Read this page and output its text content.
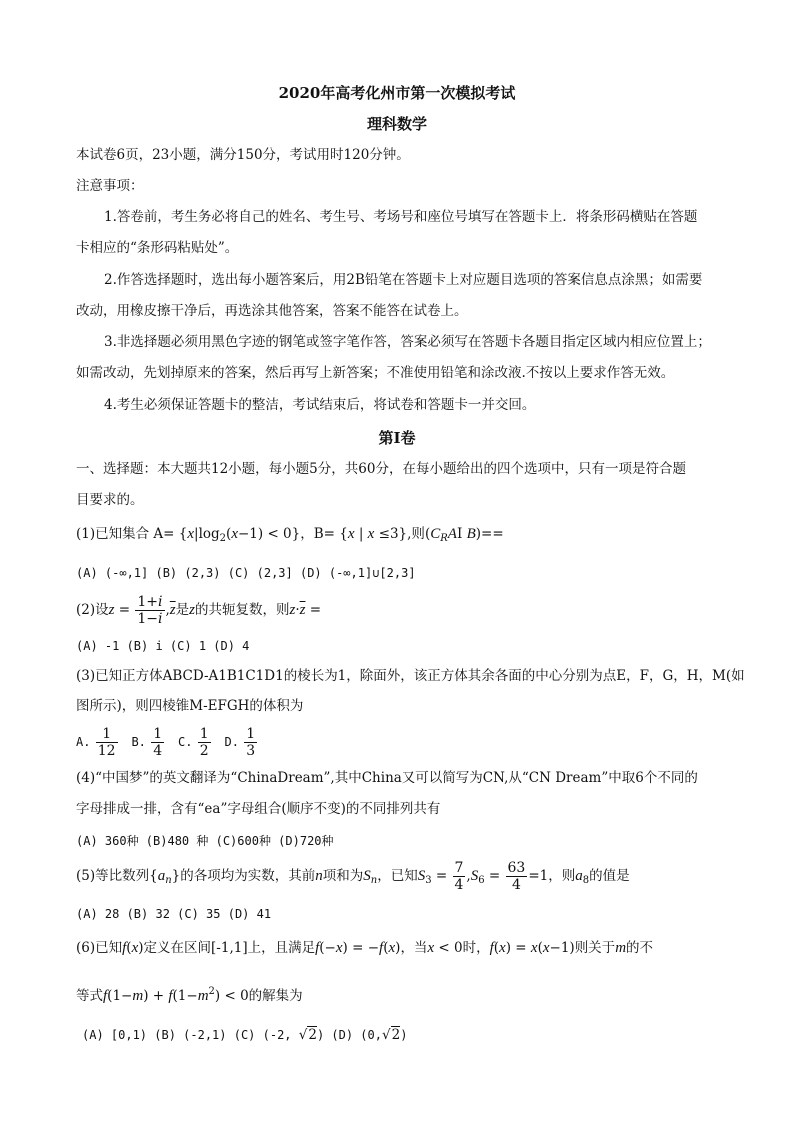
2020年高考化州市第一次模拟考试
理科数学
本试卷6页，23小题，满分150分，考试用时120分钟。
注意事项：
1.答卷前，考生务必将自己的姓名、考生号、考场号和座位号填写在答题卡上．将条形码横贴在答题
卡相应的“条形码粘贴处”。
2.作答选择题时，选出每小题答案后，用2B铅笔在答题卡上对应题目选项的答案信息点涂黑；如需要
改动，用橡皮擦干净后，再选涂其他答案，答案不能答在试卷上。
3.非选择题必须用黑色字迹的钢笔或签字笔作答，答案必须写在答题卡各题目指定区域内相应位置上；
如需改动，先划掉原来的答案，然后再写上新答案；不准使用铅笔和涂改液.不按以上要求作答无效。
4.考生必须保证答题卡的整洁，考试结束后，将试卷和答题卡一并交回。
第Ⅰ卷
一、选择题：本大题共12小题，每小题5分，共60分，在每小题给出的四个选项中，只有一项是符合题
目要求的。
(1)已知集合 $A= \{x|\log_2(x-1) < 0\}$，B= {x | x ≤3},则($C_RAI$ B)==
(A) (-∞,1] (B) (2,3) (C) (2,3] (D) (-∞,1]∪[2,3]
(2)设$z = \frac{1+i}{1-i} ,\overline{z}$是z的共轭复数，则$z\cdot\overline{z}$ =
(A) -1 (B) i (C) 1 (D) 4
(3)已知正方体ABCD-A1B1C1D1的棱长为1，除面外，该正方体其余各面的中心分别为点E，F，G，H，M(如
图所示)，则四棱锥M-EFGH的体积为
A. $\frac{1}{12} B$. $\frac{1}{4} C$. $\frac{1}{2} D$. $\frac{1}{3}$
(4)“中国梦”的英文翻译为“ChinaDream”,其中China又可以简写为CN,从“CN Dream”中取6个不同的
字母排成一排，含有“ea”字母组合(顺序不变)的不同排列共有
(A) 360种 (B)480 种 (C)600种 (D)720种
(5)等比数列$\{a_n\}$的各项均为实数，其前n项和为$S_n$，已知$S_3 = \frac{7}{4} ,S_6 = \frac{63}{4} =1$，则$a_8$的值是
(A) 28 (B) 32 (C) 35 (D) 41
(6)已知f(x)定义在区间[-1,1]上，且满足f(−x) = −f(x)，当x < 0时，f(x) = x(x−1)则关于m的不
等式$f(1-m) + f(1-m^2) < 0$的解集为
(A) [0,1) (B) (-2,1) (C) (-2, √2) (D) (0,√2)
